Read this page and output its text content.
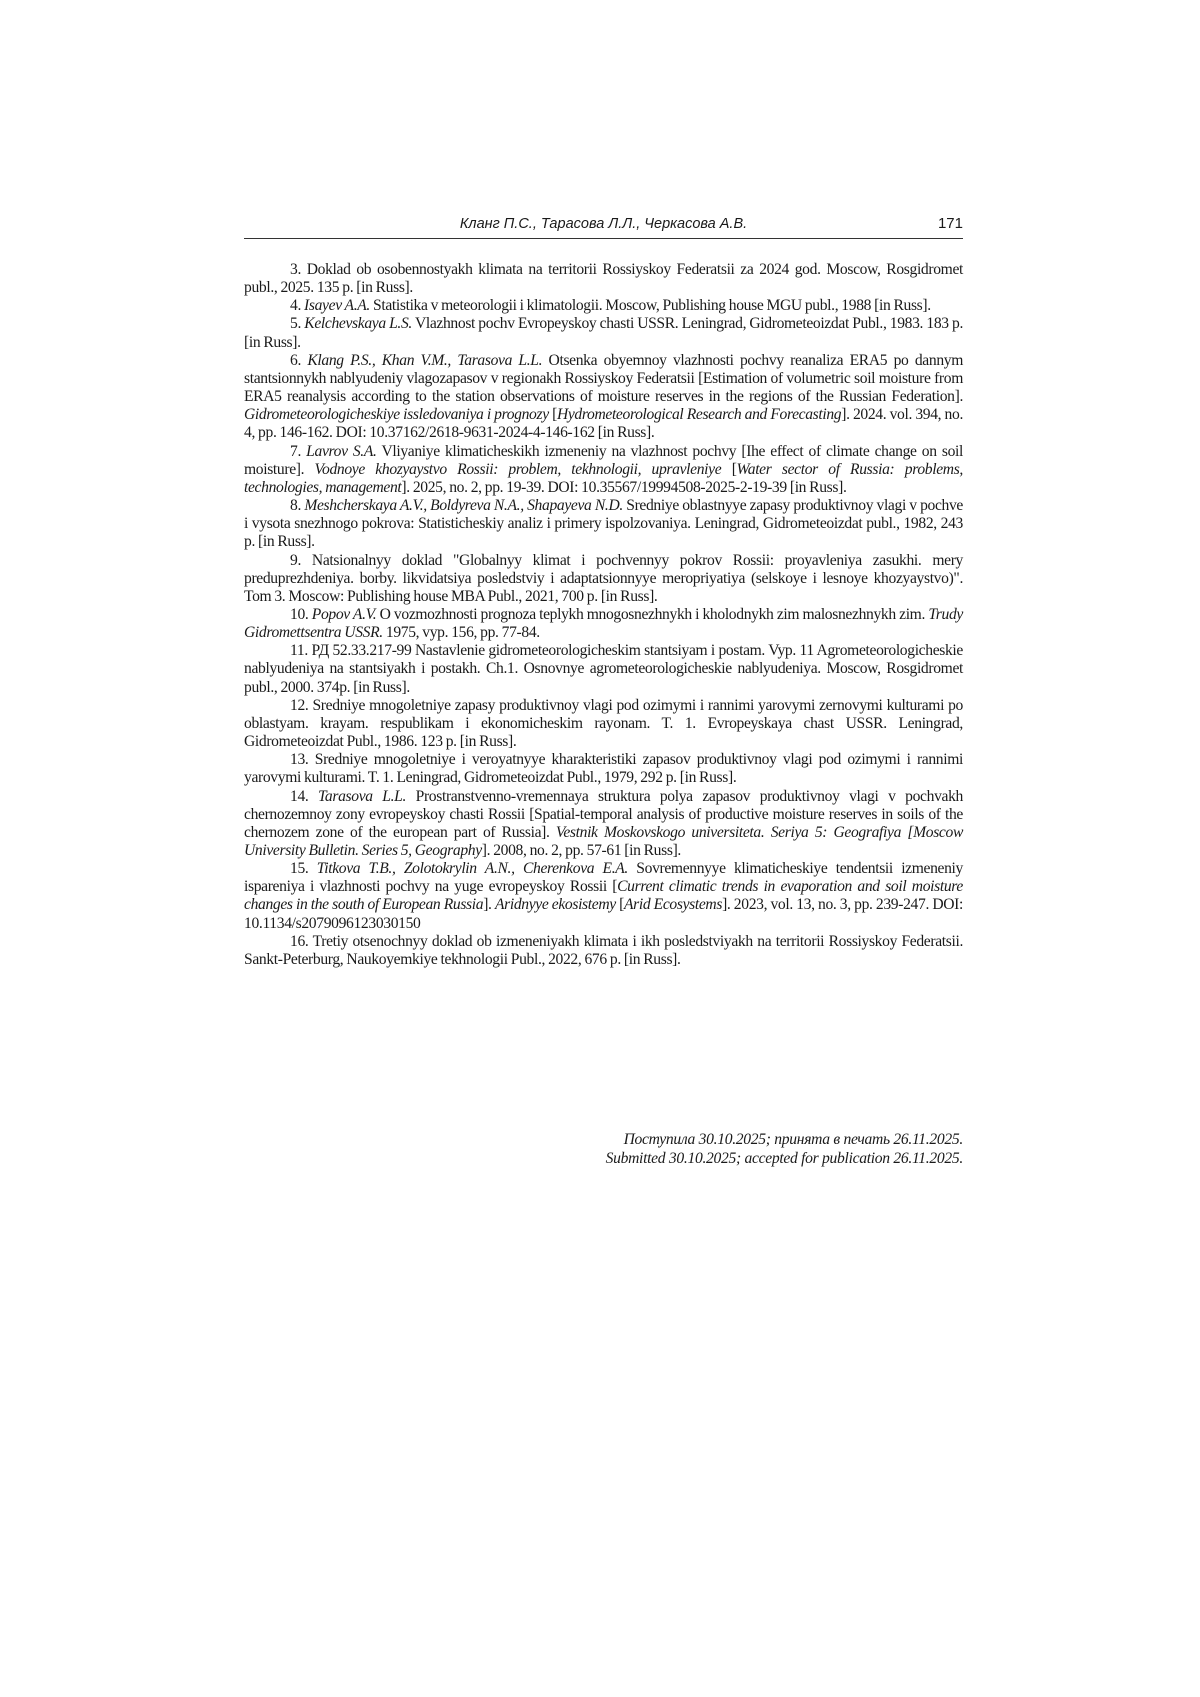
Кланг П.С., Тарасова Л.Л., Черкасова А.В.	171

3. Doklad ob osobennostyakh klimata na territorii Rossiyskoy Federatsii za 2024 god. Moscow, Rosgidromet publ., 2025. 135 p. [in Russ].

4. Isayev A.A. Statistika v meteorologii i klimatologii. Moscow, Publishing house MGU publ., 1988 [in Russ].

5. Kelchevskaya L.S. Vlazhnost pochv Evropeyskoy chasti USSR. Leningrad, Gidrometeoizdat Publ., 1983. 183 p. [in Russ].

6. Klang P.S., Khan V.M., Tarasova L.L. Otsenka obyemnoy vlazhnosti pochvy reanaliza ERA5 po dannym stantsionnykh nablyudeniy vlagozapasov v regionakh Rossiyskoy Federatsii [Estimation of volumetric soil moisture from ERA5 reanalysis according to the station observations of moisture reserves in the regions of the Russian Federation]. Gidrometeorologicheskiye issledovaniya i prognozy [Hydrometeorological Research and Forecasting]. 2024. vol. 394, no. 4, pp. 146-162. DOI: 10.37162/2618-9631-2024-4-146-162 [in Russ].

7. Lavrov S.A. Vliyaniye klimaticheskikh izmeneniy na vlazhnost pochvy [Ihe effect of climate change on soil moisture]. Vodnoye khozyaystvo Rossii: problem, tekhnologii, upravleniye [Water sector of Russia: problems, technologies, management]. 2025, no. 2, pp. 19-39. DOI: 10.35567/19994508-2025-2-19-39 [in Russ].

8. Meshcherskaya A.V., Boldyreva N.A., Shapayeva N.D. Sredniye oblastnyye zapasy produktivnoy vlagi v pochve i vysota snezhnogo pokrova: Statisticheskiy analiz i primery ispolzovaniya. Leningrad, Gidrometeoizdat publ., 1982, 243 p. [in Russ].

9. Natsionalnyy doklad "Globalnyy klimat i pochvennyy pokrov Rossii: proyavleniya zasukhi. mery preduprezhdeniya. borby. likvidatsiya posledstviy i adaptatsionnyye meropriyatiya (selskoye i lesnoye khozyaystvo)". Tom 3. Moscow: Publishing house MBA Publ., 2021, 700 p. [in Russ].

10. Popov A.V. O vozmozhnosti prognoza teplykh mnogosnezhnykh i kholodnykh zim malosnezhnykh zim. Trudy Gidromettsentra USSR. 1975, vyp. 156, pp. 77-84.

11. РД 52.33.217-99 Nastavlenie gidrometeorologicheskim stantsiyam i postam. Vyp. 11 Agrometeorologicheskie nablyudeniya na stantsiyakh i postakh. Ch.1. Osnovnye agrometeorologicheskie nablyudeniya. Moscow, Rosgidromet publ., 2000. 374p. [in Russ].

12. Sredniye mnogoletniye zapasy produktivnoy vlagi pod ozimymi i rannimi yarovymi zernovymi kulturami po oblastyam. krayam. respublikam i ekonomicheskim rayonam. T. 1. Evropeyskaya chast USSR. Leningrad, Gidrometeoizdat Publ., 1986. 123 p. [in Russ].

13. Sredniye mnogoletniye i veroyatnyye kharakteristiki zapasov produktivnoy vlagi pod ozimymi i rannimi yarovymi kulturami. T. 1. Leningrad, Gidrometeoizdat Publ., 1979, 292 p. [in Russ].

14. Tarasova L.L. Prostranstvenno-vremennaya struktura polya zapasov produktivnoy vlagi v pochvakh chernozemnoy zony evropeyskoy chasti Rossii [Spatial-temporal analysis of productive moisture reserves in soils of the chernozem zone of the european part of Russia]. Vestnik Moskovskogo universiteta. Seriya 5: Geografiya [Moscow University Bulletin. Series 5, Geography]. 2008, no. 2, pp. 57-61 [in Russ].

15. Titkova T.B., Zolotokrylin A.N., Cherenkova E.A. Sovremennyye klimaticheskiye tendentsii izmeneniy ispareniya i vlazhnosti pochvy na yuge evropeyskoy Rossii [Current climatic trends in evaporation and soil moisture changes in the south of European Russia]. Aridnyye ekosistemy [Arid Ecosystems]. 2023, vol. 13, no. 3, pp. 239-247. DOI: 10.1134/s2079096123030150

16. Tretiy otsenochnyy doklad ob izmeneniyakh klimata i ikh posledstviyakh na territorii Rossiyskoy Federatsii. Sankt-Peterburg, Naukoyemkiye tekhnologii Publ., 2022, 676 p. [in Russ].

Поступила 30.10.2025; принята в печать 26.11.2025.
Submitted 30.10.2025; accepted for publication 26.11.2025.
